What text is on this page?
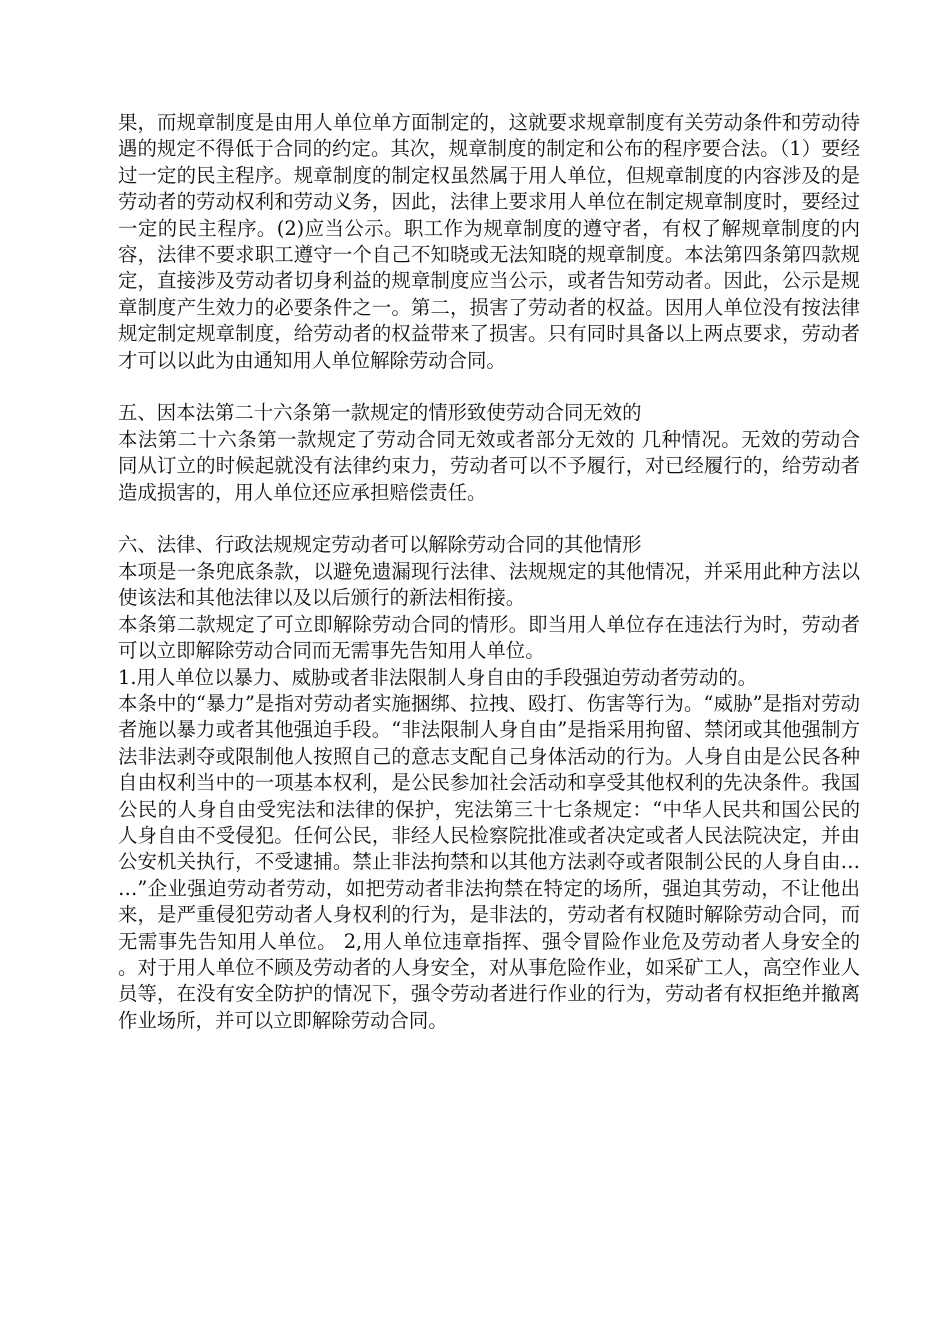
果，而规章制度是由用人单位单方面制定的，这就要求规章制度有关劳动条件和劳动待遇的规定不得低于合同的约定。其次，规章制度的制定和公布的程序要合法。（1）要经过一定的民主程序。规章制度的制定权虽然属于用人单位，但规章制度的内容涉及的是劳动者的劳动权利和劳动义务，因此，法律上要求用人单位在制定规章制度时，要经过一定的民主程序。(2)应当公示。职工作为规章制度的遵守者，有权了解规章制度的内容，法律不要求职工遵守一个自己不知晓或无法知晓的规章制度。本法第四条第四款规定，直接涉及劳动者切身利益的规章制度应当公示，或者告知劳动者。因此，公示是规章制度产生效力的必要条件之一。第二，损害了劳动者的权益。因用人单位没有按法律规定制定规章制度，给劳动者的权益带来了损害。只有同时具备以上两点要求，劳动者才可以以此为由通知用人单位解除劳动合同。

五、因本法第二十六条第一款规定的情形致使劳动合同无效的

本法第二十六条第一款规定了劳动合同无效或者部分无效的 几种情况。无效的劳动合同从订立的时候起就没有法律约束力，劳动者可以不予履行，对已经履行的，给劳动者造成损害的，用人单位还应承担赔偿责任。

六、法律、行政法规规定劳动者可以解除劳动合同的其他情形

本项是一条兜底条款，以避免遗漏现行法律、法规规定的其他情况，并采用此种方法以使该法和其他法律以及以后颁行的新法相衔接。

本条第二款规定了可立即解除劳动合同的情形。即当用人单位存在违法行为时，劳动者可以立即解除劳动合同而无需事先告知用人单位。

1.用人单位以暴力、威胁或者非法限制人身自由的手段强迫劳动者劳动的。

本条中的“暴力”是指对劳动者实施捆绑、拉拽、殴打、伤害等行为。“威胁”是指对劳动者施以暴力或者其他强迫手段。“非法限制人身自由”是指采用拘留、禁闭或其他强制方法非法剥夺或限制他人按照自己的意志支配自己身体活动的行为。人身自由是公民各种自由权利当中的一项基本权利，是公民参加社会活动和享受其他权利的先决条件。我国公民的人身自由受宪法和法律的保护，宪法第三十七条规定：“中华人民共和国公民的人身自由不受侵犯。任何公民，非经人民检察院批准或者决定或者人民法院决定，并由公安机关执行，不受逮捕。禁止非法拘禁和以其他方法剥夺或者限制公民的人身自由……”企业强迫劳动者劳动，如把劳动者非法拘禁在特定的场所，强迫其劳动，不让他出来，是严重侵犯劳动者人身权利的行为，是非法的，劳动者有权随时解除劳动合同，而无需事先告知用人单位。 2,用人单位违章指挥、强令冒险作业危及劳动者人身安全的。对于用人单位不顾及劳动者的人身安全，对从事危险作业，如采矿工人，高空作业人员等，在没有安全防护的情况下，强令劳动者进行作业的行为，劳动者有权拒绝并撤离作业场所，并可以立即解除劳动合同。
